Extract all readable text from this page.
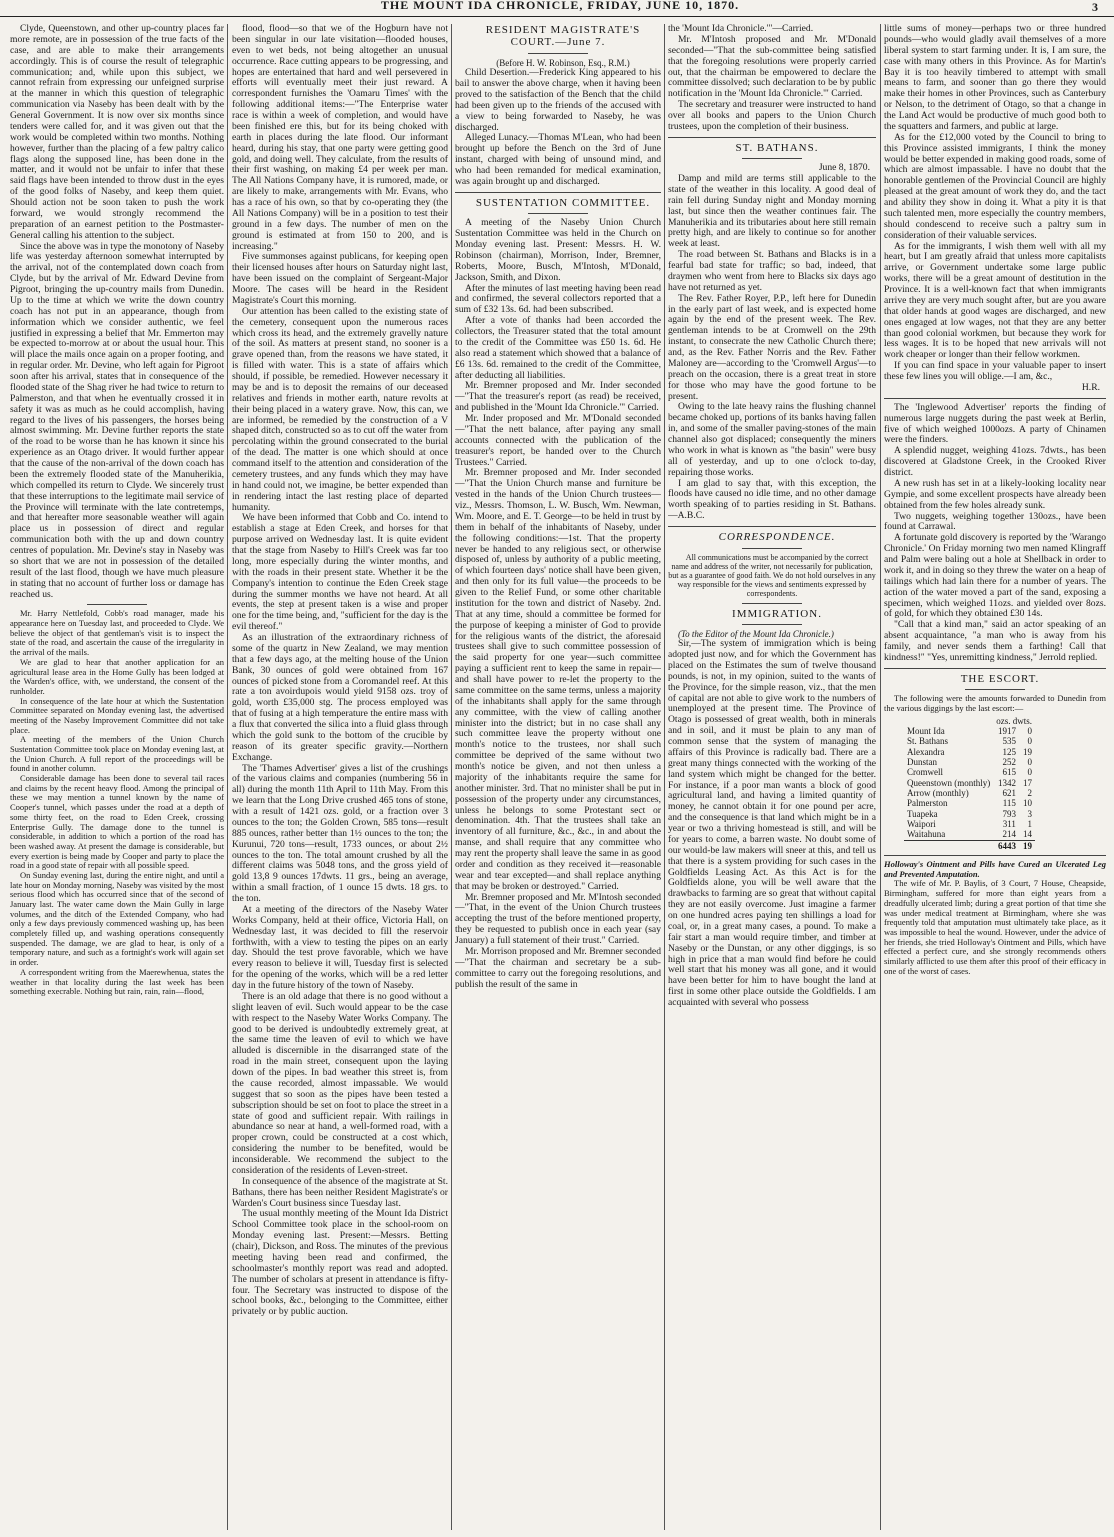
THE MOUNT IDA CHRONICLE, FRIDAY, JUNE 10, 1870.	3

Clyde, Queenstown, and other up-country places far more remote, are in possession of the true facts of the case, and are able to make their arrangements accordingly. This is of course the result of telegraphic communication; and, while upon this subject, we cannot refrain from expressing our unfeigned surprise at the manner in which this question of telegraphic communication via Naseby has been dealt with by the General Government. It is now over six months since tenders were called for, and it was given out that the work would be completed within two months. Nothing however, further than the placing of a few paltry calico flags along the supposed line, has been done in the matter, and it would not be unfair to infer that these said flags have been intended to throw dust in the eyes of the good folks of Naseby, and keep them quiet. Should action not be soon taken to push the work forward, we would strongly recommend the preparation of an earnest petition to the Postmaster-General calling his attention to the subject.

Since the above was in type the monotony of Naseby life was yesterday afternoon somewhat interrupted by the arrival, not of the contemplated down coach from Clyde, but by the arrival of Mr. Edward Devine from Pigroot, bringing the up-country mails from Dunedin. Up to the time at which we write the down country coach has not put in an appearance, though from information which we consider authentic, we feel justified in expressing a belief that Mr. Emmerton may be expected to-morrow at or about the usual hour. This will place the mails once again on a proper footing, and in regular order. Mr. Devine, who left again for Pigroot soon after his arrival, states that in consequence of the flooded state of the Shag river he had twice to return to Palmerston, and that when he eventually crossed it in safety it was as much as he could accomplish, having regard to the lives of his passengers, the horses being almost swimming. Mr. Devine further reports the state of the road to be worse than he has known it since his experience as an Otago driver. It would further appear that the cause of the non-arrival of the down coach has been the extremely flooded state of the Manuherikia, which compelled its return to Clyde. We sincerely trust that these interruptions to the legitimate mail service of the Province will terminate with the late contretemps, and that hereafter more seasonable weather will again place us in possession of direct and regular communication both with the up and down country centres of population. Mr. Devine's stay in Naseby was so short that we are not in possession of the detailed result of the last flood, though we have much pleasure in stating that no account of further loss or damage has reached us.

Mr. Harry Nettlefold, Cobb's road manager, made his appearance here on Tuesday last, and proceeded to Clyde. We believe the object of that gentleman's visit is to inspect the state of the road, and ascertain the cause of the irregularity in the arrival of the mails.

We are glad to hear that another application for an agricultural lease area in the Home Gully has been lodged at the Warden's office, with, we understand, the consent of the runholder.

In consequence of the late hour at which the Sustentation Committee separated on Monday evening last, the advertised meeting of the Naseby Improvement Committee did not take place.

A meeting of the members of the Union Church Sustentation Committee took place on Monday evening last, at the Union Church. A full report of the proceedings will be found in another column.

Considerable damage has been done to several tail races and claims by the recent heavy flood. Among the principal of these we may mention a tunnel known by the name of Cooper's tunnel, which passes under the road at a depth of some thirty feet, on the road to Eden Creek, crossing Enterprise Gully. The damage done to the tunnel is considerable, in addition to which a portion of the road has been washed away. At present the damage is considerable, but every exertion is being made by Cooper and party to place the road in a good state of repair with all possible speed.

On Sunday evening last, during the entire night, and until a late hour on Monday morning, Naseby was visited by the most serious flood which has occurred since that of the second of January last. The water came down the Main Gully in large volumes, and the ditch of the Extended Company, who had only a few days previously commenced washing up, has been completely filled up, and washing operations consequently suspended. The damage, we are glad to hear, is only of a temporary nature, and such as a fortnight's work will again set in order.

A correspondent writing from the Maerewhenua, states the weather in that locality during the last week has been something execrable. Nothing but rain, rain, rain—flood,

flood, flood—so that we of the Hogburn have not been singular in our late visitation—flooded houses, even to wet beds, not being altogether an unusual occurrence. Race cutting appears to be progressing, and hopes are entertained that hard and well persevered in efforts will eventually meet their just reward. A correspondent furnishes the 'Oamaru Times' with the following additional items:—"The Enterprise water race is within a week of completion, and would have been finished ere this, but for its being choked with earth in places during the late flood. Our informant heard, during his stay, that one party were getting good gold, and doing well. They calculate, from the results of their first washing, on making £4 per week per man. The All Nations Company have, it is rumored, made, or are likely to make, arrangements with Mr. Evans, who has a race of his own, so that by co-operating they (the All Nations Company) will be in a position to test their ground in a few days. The number of men on the ground is estimated at from 150 to 200, and is increasing."

Five summonses against publicans, for keeping open their licensed houses after hours on Saturday night last, have been issued on the complaint of Sergeant-Major Moore. The cases will be heard in the Resident Magistrate's Court this morning.

Our attention has been called to the existing state of the cemetery, consequent upon the numerous races which cross its head, and the extremely gravelly nature of the soil. As matters at present stand, no sooner is a grave opened than, from the reasons we have stated, it is filled with water. This is a state of affairs which should, if possible, be remedied. However necessary it may be and is to deposit the remains of our deceased relatives and friends in mother earth, nature revolts at their being placed in a watery grave. Now, this can, we are informed, be remedied by the construction of a V shaped ditch, constructed so as to cut off the water from percolating within the ground consecrated to the burial of the dead. The matter is one which should at once command itself to the attention and consideration of the cemetery trustees, and any funds which they may have in hand could not, we imagine, be better expended than in rendering intact the last resting place of departed humanity.

We have been informed that Cobb and Co. intend to establish a stage at Eden Creek, and horses for that purpose arrived on Wednesday last. It is quite evident that the stage from Naseby to Hill's Creek was far too long, more especially during the winter months, and with the roads in their present state. Whether it be the Company's intention to continue the Eden Creek stage during the summer months we have not heard. At all events, the step at present taken is a wise and proper one for the time being, and, "sufficient for the day is the evil thereof."

As an illustration of the extraordinary richness of some of the quartz in New Zealand, we may mention that a few days ago, at the melting house of the Union Bank, 30 ounces of gold were obtained from 167 ounces of picked stone from a Coromandel reef. At this rate a ton avoirdupois would yield 9158 ozs. troy of gold, worth £35,000 stg. The process employed was that of fusing at a high temperature the entire mass with a flux that converted the silica into a fluid glass through which the gold sunk to the bottom of the crucible by reason of its greater specific gravity.—Northern Exchange.

The 'Thames Advertiser' gives a list of the crushings of the various claims and companies (numbering 56 in all) during the month 11th April to 11th May. From this we learn that the Long Drive crushed 465 tons of stone, with a result of 1421 ozs. gold, or a fraction over 3 ounces to the ton; the Golden Crown, 585 tons—result 885 ounces, rather better than 1½ ounces to the ton; the Kurunui, 720 tons—result, 1733 ounces, or about 2½ ounces to the ton. The total amount crushed by all the different claims was 5048 tons, and the gross yield of gold 13,8 9 ounces 17dwts. 11 grs., being an average, within a small fraction, of 1 ounce 15 dwts. 18 grs. to the ton.

At a meeting of the directors of the Naseby Water Works Company, held at their office, Victoria Hall, on Wednesday last, it was decided to fill the reservoir forthwith, with a view to testing the pipes on an early day. Should the test prove favorable, which we have every reason to believe it will, Tuesday first is selected for the opening of the works, which will be a red letter day in the future history of the town of Naseby.

There is an old adage that there is no good without a slight leaven of evil. Such would appear to be the case with respect to the Naseby Water Works Company. The good to be derived is undoubtedly extremely great, at the same time the leaven of evil to which we have alluded is discernible in the disarranged state of the road in the main street, consequent upon the laying down of the pipes. In bad weather this street is, from the cause recorded, almost impassable. We would suggest that so soon as the pipes have been tested a subscription should be set on foot to place the street in a state of good and sufficient repair. With railings in abundance so near at hand, a well-formed road, with a proper crown, could be constructed at a cost which, considering the number to be benefited, would be inconsiderable. We recommend the subject to the consideration of the residents of Leven-street.

In consequence of the absence of the magistrate at St. Bathans, there has been neither Resident Magistrate's or Warden's Court business since Tuesday last.

The usual monthly meeting of the Mount Ida District School Committee took place in the school-room on Monday evening last. Present:—Messrs. Betting (chair), Dickson, and Ross. The minutes of the previous meeting having been read and confirmed, the schoolmaster's monthly report was read and adopted. The number of scholars at present in attendance is fifty-four. The Secretary was instructed to dispose of the school books, &c., belonging to the Committee, either privately or by public auction.

RESIDENT MAGISTRATE'S COURT.—June 7.

(Before H. W. Robinson, Esq., R.M.)

Child Desertion.—Frederick King appeared to his bail to answer the above charge, when it having been proved to the satisfaction of the Bench that the child had been given up to the friends of the accused with a view to being forwarded to Naseby, he was discharged.

Alleged Lunacy.—Thomas M'Lean, who had been brought up before the Bench on the 3rd of June instant, charged with being of unsound mind, and who had been remanded for medical examination, was again brought up and discharged.

SUSTENTATION COMMITTEE.

A meeting of the Naseby Union Church Sustentation Committee was held in the Church on Monday evening last. Present: Messrs. H. W. Robinson (chairman), Morrison, Inder, Bremner, Roberts, Moore, Busch, M'Intosh, M'Donald, Jackson, Smith, and Dixon.

After the minutes of last meeting having been read and confirmed, the several collectors reported that a sum of £32 13s. 6d. had been subscribed.

After a vote of thanks had been accorded the collectors, the Treasurer stated that the total amount to the credit of the Committee was £50 1s. 6d. He also read a statement which showed that a balance of £6 13s. 6d. remained to the credit of the Committee, after deducting all liabilities.

Mr. Bremner proposed and Mr. Inder seconded—"That the treasurer's report (as read) be received, and published in the 'Mount Ida Chronicle.'" Carried.

Mr. Inder proposed and Mr. M'Donald seconded—"That the nett balance, after paying any small accounts connected with the publication of the treasurer's report, be handed over to the Church Trustees." Carried.

Mr. Bremner proposed and Mr. Inder seconded—"That the Union Church manse and furniture be vested in the hands of the Union Church trustees—viz., Messrs. Thomson, L. W. Busch, Wm. Newman, Wm. Moore, and E. T. George—to be held in trust by them in behalf of the inhabitants of Naseby, under the following conditions:—1st. That the property never be handed to any religious sect, or otherwise disposed of, unless by authority of a public meeting, of which fourteen days' notice shall have been given, and then only for its full value—the proceeds to be given to the Relief Fund, or some other charitable institution for the town and district of Naseby. 2nd. That at any time, should a committee be formed for the purpose of keeping a minister of God to provide for the religious wants of the district, the aforesaid trustees shall give to such committee possession of the said property for one year—such committee paying a sufficient rent to keep the same in repair—and shall have power to re-let the property to the same committee on the same terms, unless a majority of the inhabitants shall apply for the same through any committee, with the view of calling another minister into the district; but in no case shall any such committee leave the property without one month's notice to the trustees, nor shall such committee be deprived of the same without two month's notice be given, and not then unless a majority of the inhabitants require the same for another minister. 3rd. That no minister shall be put in possession of the property under any circumstances, unless he belongs to some Protestant sect or denomination. 4th. That the trustees shall take an inventory of all furniture, &c., &c., in and about the manse, and shall require that any committee who may rent the property shall leave the same in as good order and condition as they received it—reasonable wear and tear excepted—and shall replace anything that may be broken or destroyed." Carried.

Mr. Bremner proposed and Mr. M'Intosh seconded—"That, in the event of the Union Church trustees accepting the trust of the before mentioned property, they be requested to publish once in each year (say January) a full statement of their trust." Carried.

Mr. Morrison proposed and Mr. Bremner seconded—"That the chairman and secretary be a sub-committee to carry out the foregoing resolutions, and publish the result of the same in

the 'Mount Ida Chronicle.'"—Carried.

Mr. M'Intosh proposed and Mr. M'Donald seconded—"That the sub-committee being satisfied that the foregoing resolutions were properly carried out, that the chairman be empowered to declare the committee dissolved; such declaration to be by public notification in the 'Mount Ida Chronicle.'" Carried.

The secretary and treasurer were instructed to hand over all books and papers to the Union Church trustees, upon the completion of their business.

ST. BATHANS.

June 8, 1870.

Damp and mild are terms still applicable to the state of the weather in this locality. A good deal of rain fell during Sunday night and Monday morning last, but since then the weather continues fair. The Manuherikia and its tributaries about here still remain pretty high, and are likely to continue so for another week at least.

The road between St. Bathans and Blacks is in a fearful bad state for traffic; so bad, indeed, that draymen who went from here to Blacks six days ago have not returned as yet.

The Rev. Father Royer, P.P., left here for Dunedin in the early part of last week, and is expected home again by the end of the present week. The Rev. gentleman intends to be at Cromwell on the 29th instant, to consecrate the new Catholic Church there; and, as the Rev. Father Norris and the Rev. Father Maloney are—according to the 'Cromwell Argus'—to preach on the occasion, there is a great treat in store for those who may have the good fortune to be present.

Owing to the late heavy rains the flushing channel became choked up, portions of its banks having fallen in, and some of the smaller paving-stones of the main channel also got displaced; consequently the miners who work in what is known as "the basin" were busy all of yesterday, and up to one o'clock to-day, repairing those works.

I am glad to say that, with this exception, the floods have caused no idle time, and no other damage worth speaking of to parties residing in St. Bathans.—A.B.C.

CORRESPONDENCE.

All communications must be accompanied by the correct name and address of the writer, not necessarily for publication, but as a guarantee of good faith. We do not hold ourselves in any way responsible for the views and sentiments expressed by correspondents.

IMMIGRATION.

(To the Editor of the Mount Ida Chronicle.)

Sir,—The system of immigration which is being adopted just now, and for which the Government has placed on the Estimates the sum of twelve thousand pounds, is not, in my opinion, suited to the wants of the Province, for the simple reason, viz., that the men of capital are not able to give work to the numbers of unemployed at the present time. The Province of Otago is possessed of great wealth, both in minerals and in soil, and it must be plain to any man of common sense that the system of managing the affairs of this Province is radically bad. There are a great many things connected with the working of the land system which might be changed for the better. For instance, if a poor man wants a block of good agricultural land, and having a limited quantity of money, he cannot obtain it for one pound per acre, and the consequence is that land which might be in a year or two a thriving homestead is still, and will be for years to come, a barren waste. No doubt some of our would-be law makers will sneer at this, and tell us that there is a system providing for such cases in the Goldfields Leasing Act. As this Act is for the Goldfields alone, you will be well aware that the drawbacks to farming are so great that without capital they are not easily overcome. Just imagine a farmer on one hundred acres paying ten shillings a load for coal, or, in a great many cases, a pound. To make a fair start a man would require timber, and timber at Naseby or the Dunstan, or any other diggings, is so high in price that a man would find before he could well start that his money was all gone, and it would have been better for him to have bought the land at first in some other place outside the Goldfields. I am acquainted with several who possess

little sums of money—perhaps two or three hundred pounds—who would gladly avail themselves of a more liberal system to start farming under. It is, I am sure, the case with many others in this Province. As for Martin's Bay it is too heavily timbered to attempt with small means to farm, and sooner than go there they would make their homes in other Provinces, such as Canterbury or Nelson, to the detriment of Otago, so that a change in the Land Act would be productive of much good both to the squatters and farmers, and public at large.

As for the £12,000 voted by the Council to bring to this Province assisted immigrants, I think the money would be better expended in making good roads, some of which are almost impassable. I have no doubt that the honorable gentlemen of the Provincial Council are highly pleased at the great amount of work they do, and the tact and ability they show in doing it. What a pity it is that such talented men, more especially the country members, should condescend to receive such a paltry sum in consideration of their valuable services.

As for the immigrants, I wish them well with all my heart, but I am greatly afraid that unless more capitalists arrive, or Government undertake some large public works, there will be a great amount of destitution in the Province. It is a well-known fact that when immigrants arrive they are very much sought after, but are you aware that older hands at good wages are discharged, and new ones engaged at low wages, not that they are any better than good colonial workmen, but because they work for less wages. It is to be hoped that new arrivals will not work cheaper or longer than their fellow workmen.

If you can find space in your valuable paper to insert these few lines you will oblige.—I am, &c.,

H.R.

The 'Inglewood Advertiser' reports the finding of numerous large nuggets during the past week at Berlin, five of which weighed 1000ozs. A party of Chinamen were the finders.

A splendid nugget, weighing 41ozs. 7dwts., has been discovered at Gladstone Creek, in the Crooked River district.

A new rush has set in at a likely-looking locality near Gympie, and some excellent prospects have already been obtained from the few holes already sunk.

Two nuggets, weighing together 130ozs., have been found at Carrawal.

A fortunate gold discovery is reported by the 'Warango Chronicle.' On Friday morning two men named Klingraff and Palm were baling out a hole at Shellback in order to work it, and in doing so they threw the water on a heap of tailings which had lain there for a number of years. The action of the water moved a part of the sand, exposing a specimen, which weighed 11ozs. and yielded over 8ozs. of gold, for which they obtained £30 14s.

"Call that a kind man," said an actor speaking of an absent acquaintance, "a man who is away from his family, and never sends them a farthing! Call that kindness!" "Yes, unremitting kindness," Jerrold replied.

THE ESCORT.

The following were the amounts forwarded to Dunedin from the various diggings by the last escort:—

	ozs. dwts.	
Mount Ida	1917	0
St. Bathans	535	0
Alexandra	125	19
Dunstan	252	0
Cromwell	615	0
Queenstown (monthly)	1342	17
Arrow (monthly)	621	2
Palmerston	115	10
Tuapeka	793	3
Waipori	311	1
Waitahuna	214	14
	6443	19

Holloway's Ointment and Pills have Cured an Ulcerated Leg and Prevented Amputation.

The wife of Mr. P. Baylis, of 3 Court, 7 House, Cheapside, Birmingham, suffered for more than eight years from a dreadfully ulcerated limb; during a great portion of that time she was under medical treatment at Birmingham, where she was frequently told that amputation must ultimately take place, as it was impossible to heal the wound. However, under the advice of her friends, she tried Holloway's Ointment and Pills, which have effected a perfect cure, and she strongly recommends others similarly afflicted to use them after this proof of their efficacy in one of the worst of cases.
